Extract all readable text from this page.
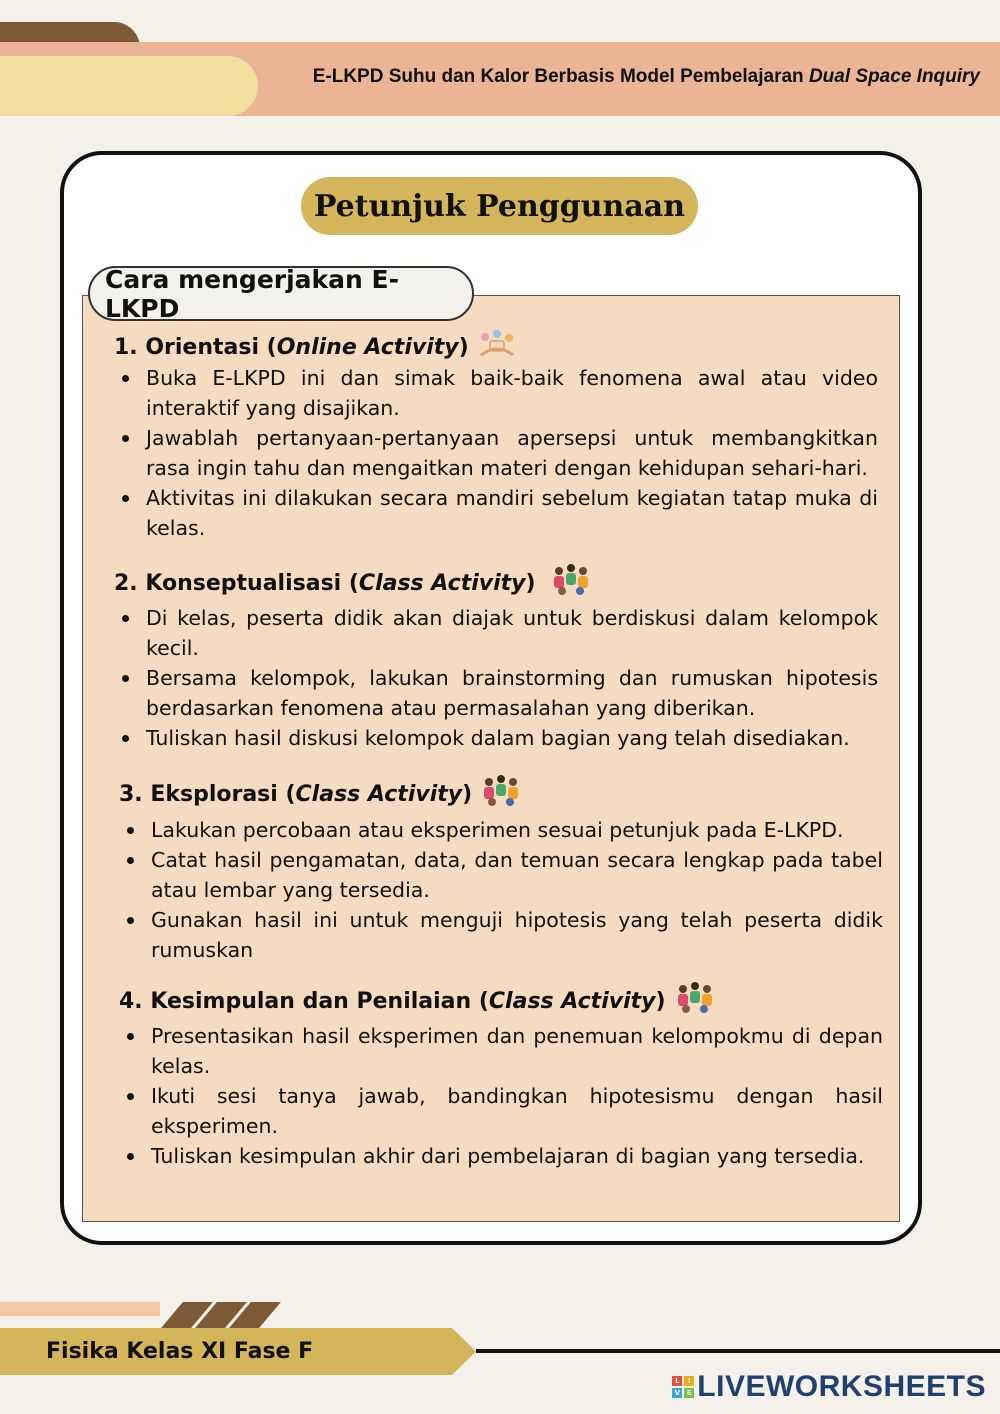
E-LKPD Suhu dan Kalor Berbasis Model Pembelajaran Dual Space Inquiry
Petunjuk Penggunaan
Cara mengerjakan E-LKPD
1. Orientasi ( Online Activity )
Buka E-LKPD ini dan simak baik-baik fenomena awal atau video interaktif yang disajikan.
Jawablah pertanyaan-pertanyaan apersepsi untuk membangkitkan rasa ingin tahu dan mengaitkan materi dengan kehidupan sehari-hari.
Aktivitas ini dilakukan secara mandiri sebelum kegiatan tatap muka di kelas.
2. Konseptualisasi ( Class Activity )
Di kelas, peserta didik akan diajak untuk berdiskusi dalam kelompok kecil.
Bersama kelompok, lakukan brainstorming dan rumuskan hipotesis berdasarkan fenomena atau permasalahan yang diberikan.
Tuliskan hasil diskusi kelompok dalam bagian yang telah disediakan.
3. Eksplorasi ( Class Activity )
Lakukan percobaan atau eksperimen sesuai petunjuk pada E-LKPD.
Catat hasil pengamatan, data, dan temuan secara lengkap pada tabel atau lembar yang tersedia.
Gunakan hasil ini untuk menguji hipotesis yang telah peserta didik rumuskan
4. Kesimpulan dan Penilaian ( Class Activity )
Presentasikan hasil eksperimen dan penemuan kelompokmu di depan kelas.
Ikuti sesi tanya jawab, bandingkan hipotesismu dengan hasil eksperimen.
Tuliskan kesimpulan akhir dari pembelajaran di bagian yang tersedia.
Fisika Kelas XI Fase F
L	I
V E LIVEWORKSHEETS
